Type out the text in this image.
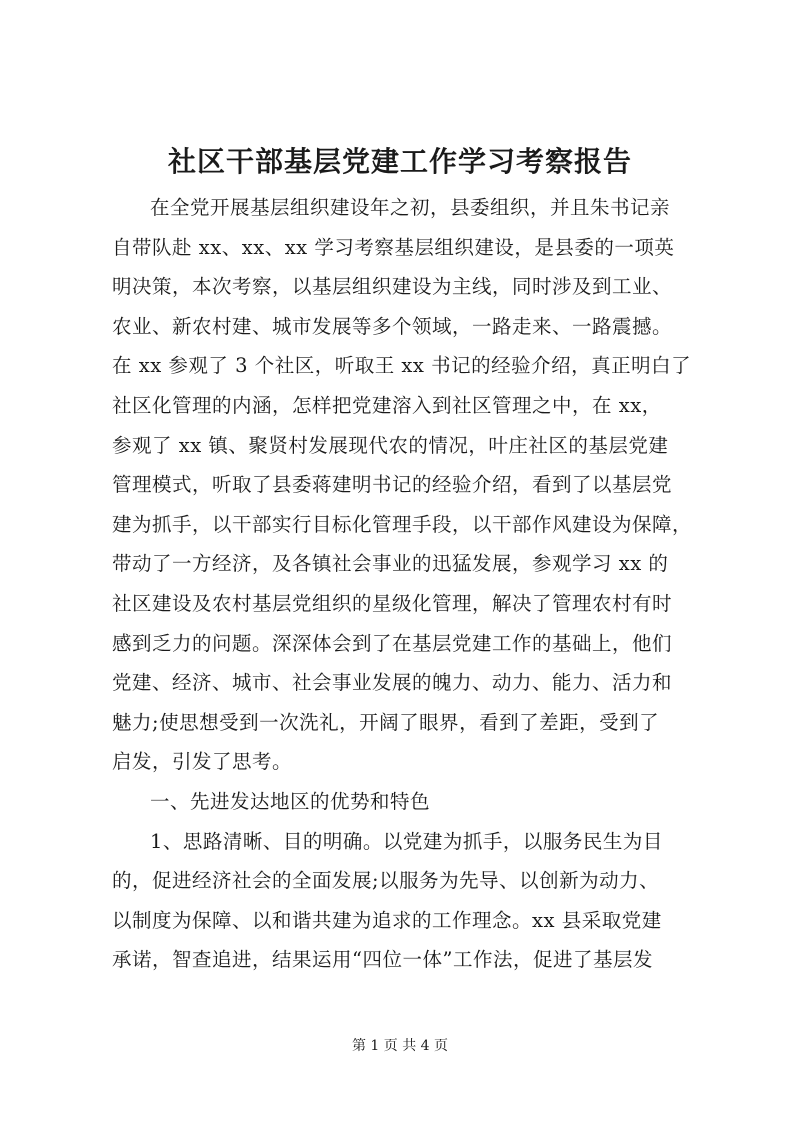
社区干部基层党建工作学习考察报告
在全党开展基层组织建设年之初，县委组织，并且朱书记亲
自带队赴 xx、xx、xx 学习考察基层组织建设，是县委的一项英
明决策，本次考察，以基层组织建设为主线，同时涉及到工业、
农业、新农村建、城市发展等多个领域，一路走来、一路震撼。
在 xx 参观了 3 个社区，听取王 xx 书记的经验介绍，真正明白了
社区化管理的内涵，怎样把党建溶入到社区管理之中，在 xx，
参观了 xx 镇、聚贤村发展现代农的情况，叶庄社区的基层党建
管理模式，听取了县委蒋建明书记的经验介绍，看到了以基层党
建为抓手，以干部实行目标化管理手段，以干部作风建设为保障，
带动了一方经济，及各镇社会事业的迅猛发展，参观学习 xx 的
社区建设及农村基层党组织的星级化管理，解决了管理农村有时
感到乏力的问题。深深体会到了在基层党建工作的基础上，他们
党建、经济、城市、社会事业发展的魄力、动力、能力、活力和
魅力;使思想受到一次洗礼，开阔了眼界，看到了差距，受到了
启发，引发了思考。
一、先进发达地区的优势和特色
1、思路清晰、目的明确。以党建为抓手，以服务民生为目
的，促进经济社会的全面发展;以服务为先导、以创新为动力、
以制度为保障、以和谐共建为追求的工作理念。xx 县采取党建
承诺，智查追进，结果运用“四位一体”工作法，促进了基层发
第 1 页 共 4 页
